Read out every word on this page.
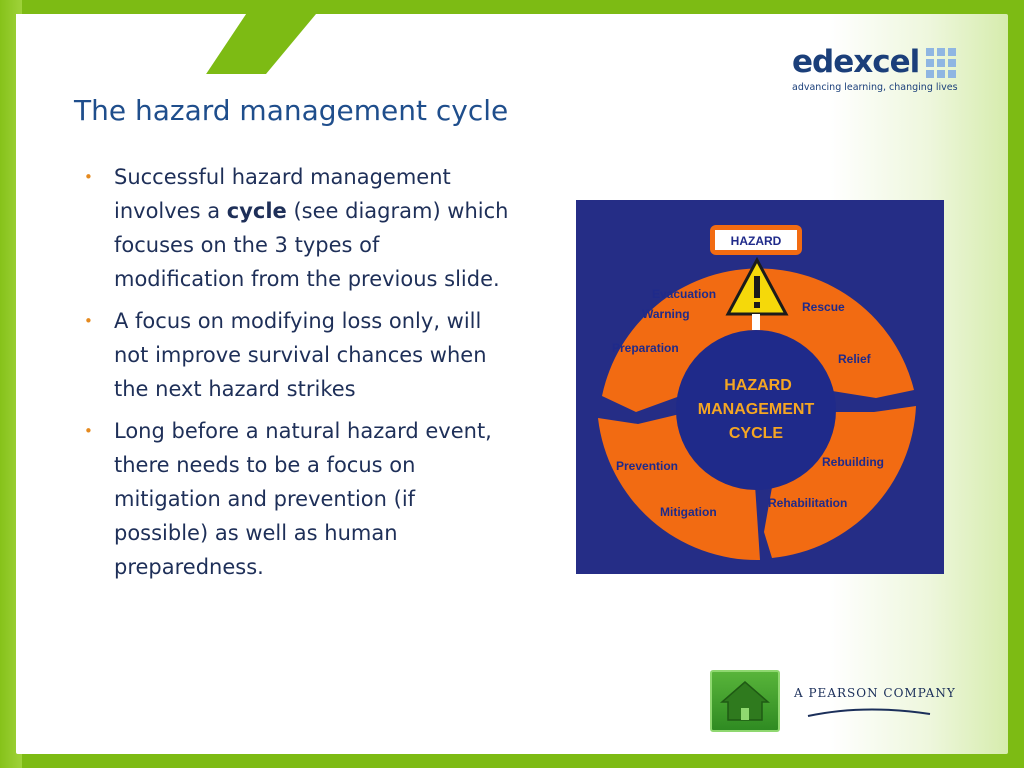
edexcel
advancing learning, changing lives
The hazard management cycle
• Successful hazard management involves a cycle (see diagram) which focuses on the 3 types of modification from the previous slide.
• A focus on modifying loss only, will not improve survival chances when the next hazard strikes
• Long before a natural hazard event, there needs to be a focus on mitigation and prevention (if possible) as well as human preparedness.
HAZARD
HAZARD
MANAGEMENT
CYCLE
Evacuation
Warning	Rescue
Preparation
Relief
Prevention	Rebuilding
Mitigation
Rehabilitation
A PEARSON COMPANY
